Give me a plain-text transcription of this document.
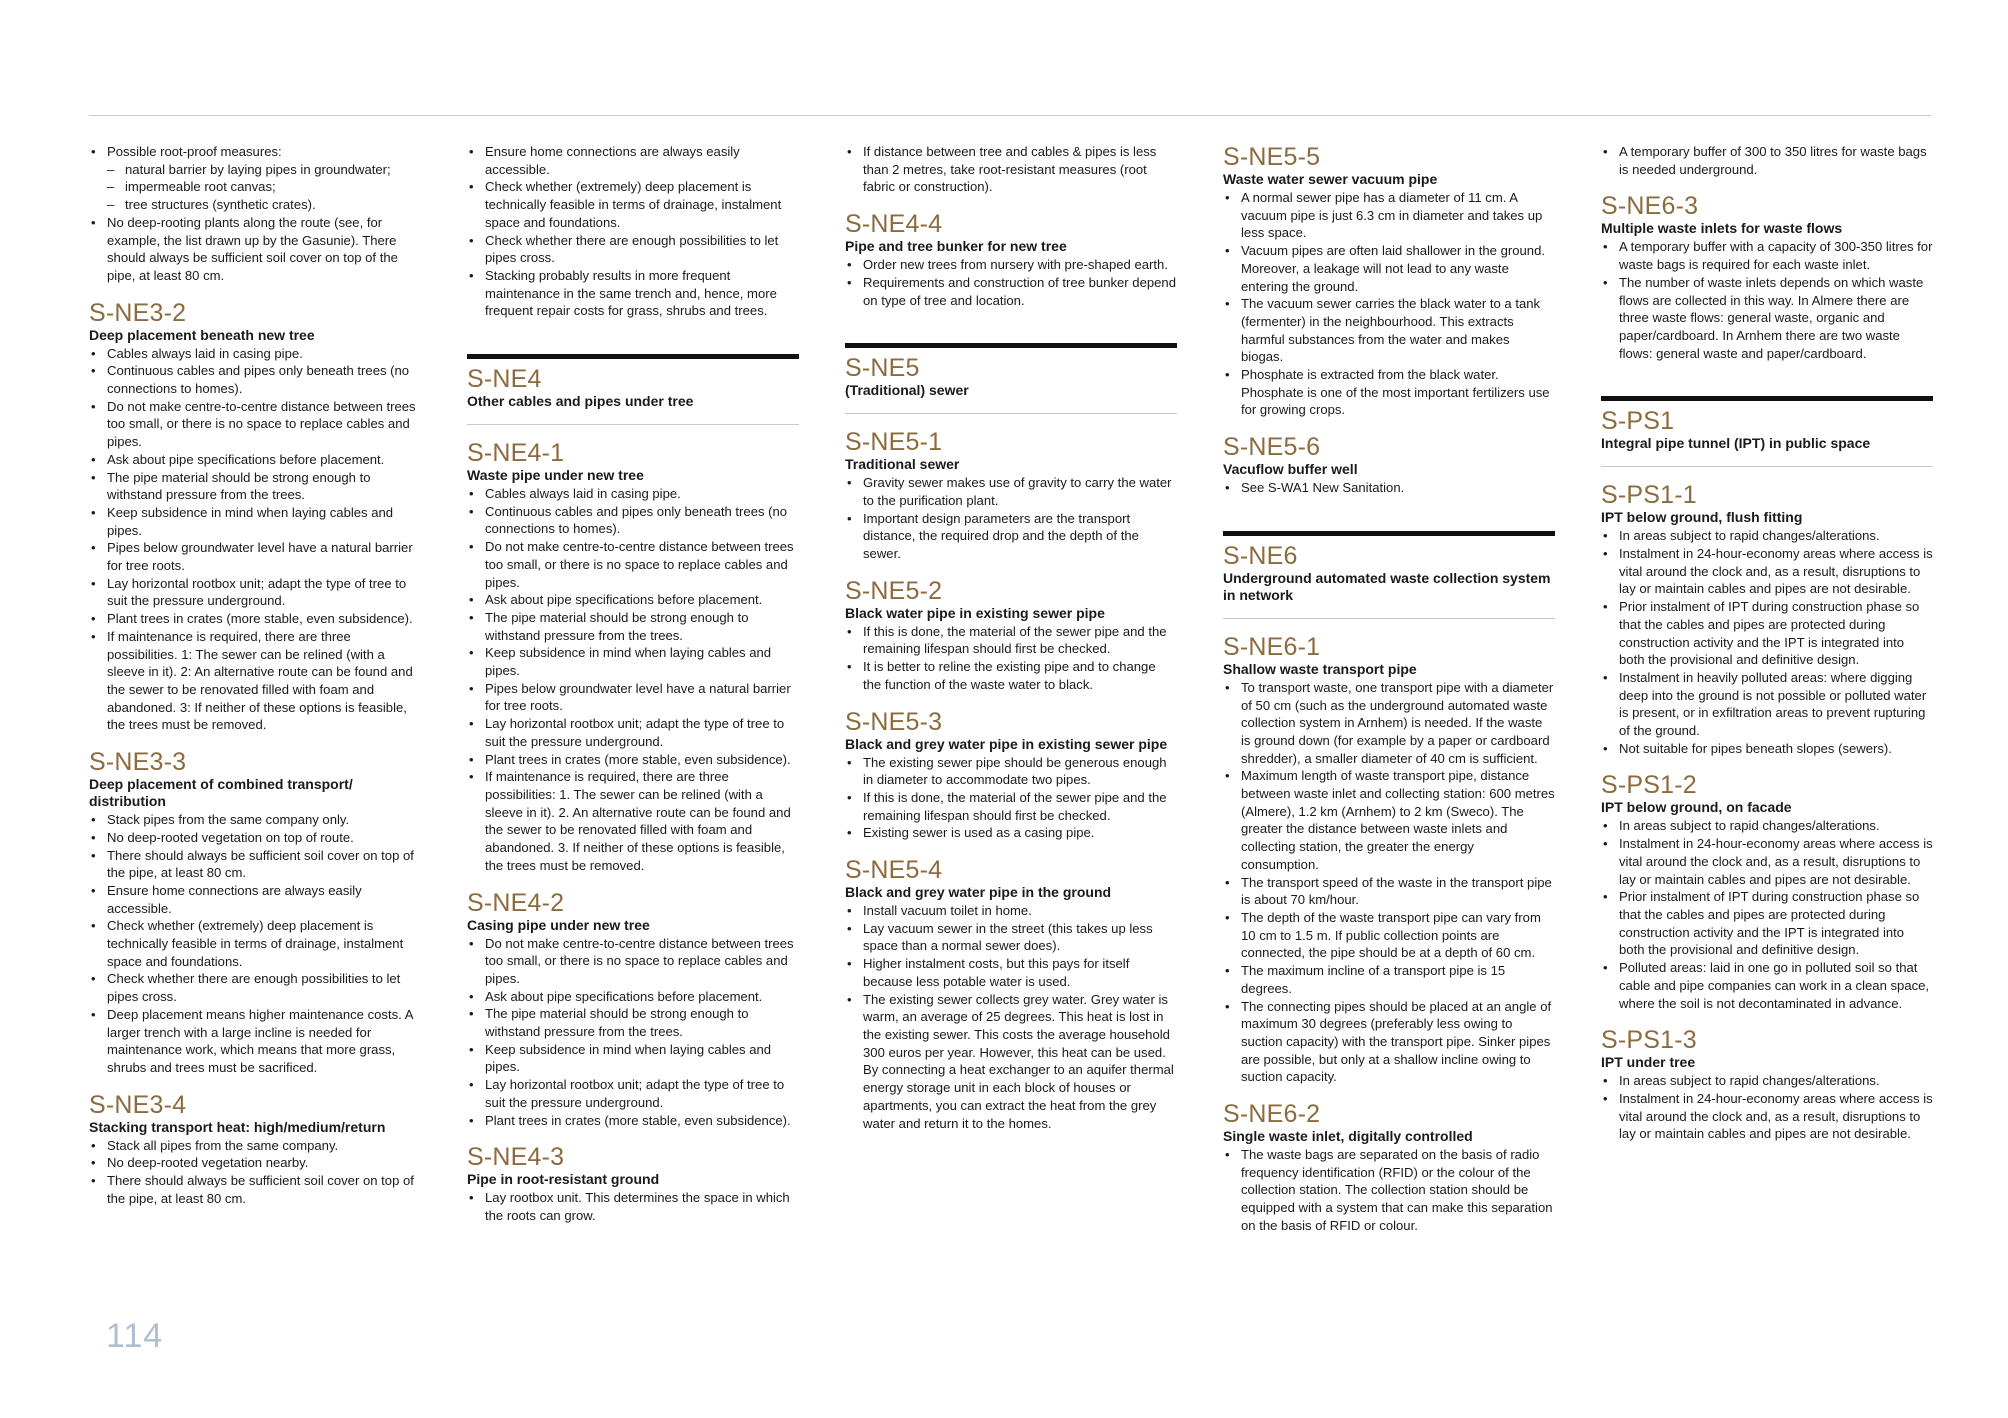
• Possible root-proof measures:
– natural barrier by laying pipes in groundwater;
– impermeable root canvas;
– tree structures (synthetic crates).
• No deep-rooting plants along the route (see, for example, the list drawn up by the Gasunie). There should always be sufficient soil cover on top of the pipe, at least 80 cm.
S-NE3-2
Deep placement beneath new tree
• Cables always laid in casing pipe.
• Continuous cables and pipes only beneath trees (no connections to homes).
• Do not make centre-to-centre distance between trees too small, or there is no space to replace cables and pipes.
• Ask about pipe specifications before placement.
• The pipe material should be strong enough to withstand pressure from the trees.
• Keep subsidence in mind when laying cables and pipes.
• Pipes below groundwater level have a natural barrier for tree roots.
• Lay horizontal rootbox unit; adapt the type of tree to suit the pressure underground.
• Plant trees in crates (more stable, even subsidence).
• If maintenance is required, there are three possibilities. 1: The sewer can be relined (with a sleeve in it). 2: An alternative route can be found and the sewer to be renovated filled with foam and abandoned. 3: If neither of these options is feasible, the trees must be removed.
S-NE3-3
Deep placement of combined transport/ distribution
• Stack pipes from the same company only.
• No deep-rooted vegetation on top of route.
• There should always be sufficient soil cover on top of the pipe, at least 80 cm.
• Ensure home connections are always easily accessible.
• Check whether (extremely) deep placement is technically feasible in terms of drainage, instalment space and foundations.
• Check whether there are enough possibilities to let pipes cross.
• Deep placement means higher maintenance costs. A larger trench with a large incline is needed for maintenance work, which means that more grass, shrubs and trees must be sacrificed.
S-NE3-4
Stacking transport heat: high/medium/return
• Stack all pipes from the same company.
• No deep-rooted vegetation nearby.
• There should always be sufficient soil cover on top of the pipe, at least 80 cm.
• Ensure home connections are always easily accessible.
• Check whether (extremely) deep placement is technically feasible in terms of drainage, instalment space and foundations.
• Check whether there are enough possibilities to let pipes cross.
• Stacking probably results in more frequent maintenance in the same trench and, hence, more frequent repair costs for grass, shrubs and trees.
S-NE4
Other cables and pipes under tree
S-NE4-1
Waste pipe under new tree
• Cables always laid in casing pipe.
• Continuous cables and pipes only beneath trees (no connections to homes).
• Do not make centre-to-centre distance between trees too small, or there is no space to replace cables and pipes.
• Ask about pipe specifications before placement.
• The pipe material should be strong enough to withstand pressure from the trees.
• Keep subsidence in mind when laying cables and pipes.
• Pipes below groundwater level have a natural barrier for tree roots.
• Lay horizontal rootbox unit; adapt the type of tree to suit the pressure underground.
• Plant trees in crates (more stable, even subsidence).
• If maintenance is required, there are three possibilities: 1. The sewer can be relined (with a sleeve in it). 2. An alternative route can be found and the sewer to be renovated filled with foam and abandoned. 3. If neither of these options is feasible, the trees must be removed.
S-NE4-2
Casing pipe under new tree
• Do not make centre-to-centre distance between trees too small, or there is no space to replace cables and pipes.
• Ask about pipe specifications before placement.
• The pipe material should be strong enough to withstand pressure from the trees.
• Keep subsidence in mind when laying cables and pipes.
• Lay horizontal rootbox unit; adapt the type of tree to suit the pressure underground.
• Plant trees in crates (more stable, even subsidence).
S-NE4-3
Pipe in root-resistant ground
• Lay rootbox unit. This determines the space in which the roots can grow.
• If distance between tree and cables & pipes is less than 2 metres, take root-resistant measures (root fabric or construction).
S-NE4-4
Pipe and tree bunker for new tree
• Order new trees from nursery with pre-shaped earth.
• Requirements and construction of tree bunker depend on type of tree and location.
S-NE5
(Traditional) sewer
S-NE5-1
Traditional sewer
• Gravity sewer makes use of gravity to carry the water to the purification plant.
• Important design parameters are the transport distance, the required drop and the depth of the sewer.
S-NE5-2
Black water pipe in existing sewer pipe
• If this is done, the material of the sewer pipe and the remaining lifespan should first be checked.
• It is better to reline the existing pipe and to change the function of the waste water to black.
S-NE5-3
Black and grey water pipe in existing sewer pipe
• The existing sewer pipe should be generous enough in diameter to accommodate two pipes.
• If this is done, the material of the sewer pipe and the remaining lifespan should first be checked.
• Existing sewer is used as a casing pipe.
S-NE5-4
Black and grey water pipe in the ground
• Install vacuum toilet in home.
• Lay vacuum sewer in the street (this takes up less space than a normal sewer does).
• Higher instalment costs, but this pays for itself because less potable water is used.
• The existing sewer collects grey water. Grey water is warm, an average of 25 degrees. This heat is lost in the existing sewer. This costs the average household 300 euros per year. However, this heat can be used. By connecting a heat exchanger to an aquifer thermal energy storage unit in each block of houses or apartments, you can extract the heat from the grey water and return it to the homes.
S-NE5-5
Waste water sewer vacuum pipe
• A normal sewer pipe has a diameter of 11 cm. A vacuum pipe is just 6.3 cm in diameter and takes up less space.
• Vacuum pipes are often laid shallower in the ground. Moreover, a leakage will not lead to any waste entering the ground.
• The vacuum sewer carries the black water to a tank (fermenter) in the neighbourhood. This extracts harmful substances from the water and makes biogas.
• Phosphate is extracted from the black water. Phosphate is one of the most important fertilizers use for growing crops.
S-NE5-6
Vacuflow buffer well
• See S-WA1 New Sanitation.
S-NE6
Underground automated waste collection system in network
S-NE6-1
Shallow waste transport pipe
• To transport waste, one transport pipe with a diameter of 50 cm (such as the underground automated waste collection system in Arnhem) is needed. If the waste is ground down (for example by a paper or cardboard shredder), a smaller diameter of 40 cm is sufficient.
• Maximum length of waste transport pipe, distance between waste inlet and collecting station: 600 metres (Almere), 1.2 km (Arnhem) to 2 km (Sweco). The greater the distance between waste inlets and collecting station, the greater the energy consumption.
• The transport speed of the waste in the transport pipe is about 70 km/hour.
• The depth of the waste transport pipe can vary from 10 cm to 1.5 m. If public collection points are connected, the pipe should be at a depth of 60 cm.
• The maximum incline of a transport pipe is 15 degrees.
• The connecting pipes should be placed at an angle of maximum 30 degrees (preferably less owing to suction capacity) with the transport pipe. Sinker pipes are possible, but only at a shallow incline owing to suction capacity.
S-NE6-2
Single waste inlet, digitally controlled
• The waste bags are separated on the basis of radio frequency identification (RFID) or the colour of the collection station. The collection station should be equipped with a system that can make this separation on the basis of RFID or colour.
• A temporary buffer of 300 to 350 litres for waste bags is needed underground.
S-NE6-3
Multiple waste inlets for waste flows
• A temporary buffer with a capacity of 300-350 litres for waste bags is required for each waste inlet.
• The number of waste inlets depends on which waste flows are collected in this way. In Almere there are three waste flows: general waste, organic and paper/cardboard. In Arnhem there are two waste flows: general waste and paper/cardboard.
S-PS1
Integral pipe tunnel (IPT) in public space
S-PS1-1
IPT below ground, flush fitting
• In areas subject to rapid changes/alterations.
• Instalment in 24-hour-economy areas where access is vital around the clock and, as a result, disruptions to lay or maintain cables and pipes are not desirable.
• Prior instalment of IPT during construction phase so that the cables and pipes are protected during construction activity and the IPT is integrated into both the provisional and definitive design.
• Instalment in heavily polluted areas: where digging deep into the ground is not possible or polluted water is present, or in exfiltration areas to prevent rupturing of the ground.
• Not suitable for pipes beneath slopes (sewers).
S-PS1-2
IPT below ground, on facade
• In areas subject to rapid changes/alterations.
• Instalment in 24-hour-economy areas where access is vital around the clock and, as a result, disruptions to lay or maintain cables and pipes are not desirable.
• Prior instalment of IPT during construction phase so that the cables and pipes are protected during construction activity and the IPT is integrated into both the provisional and definitive design.
• Polluted areas: laid in one go in polluted soil so that cable and pipe companies can work in a clean space, where the soil is not decontaminated in advance.
S-PS1-3
IPT under tree
• In areas subject to rapid changes/alterations.
• Instalment in 24-hour-economy areas where access is vital around the clock and, as a result, disruptions to lay or maintain cables and pipes are not desirable.
114
